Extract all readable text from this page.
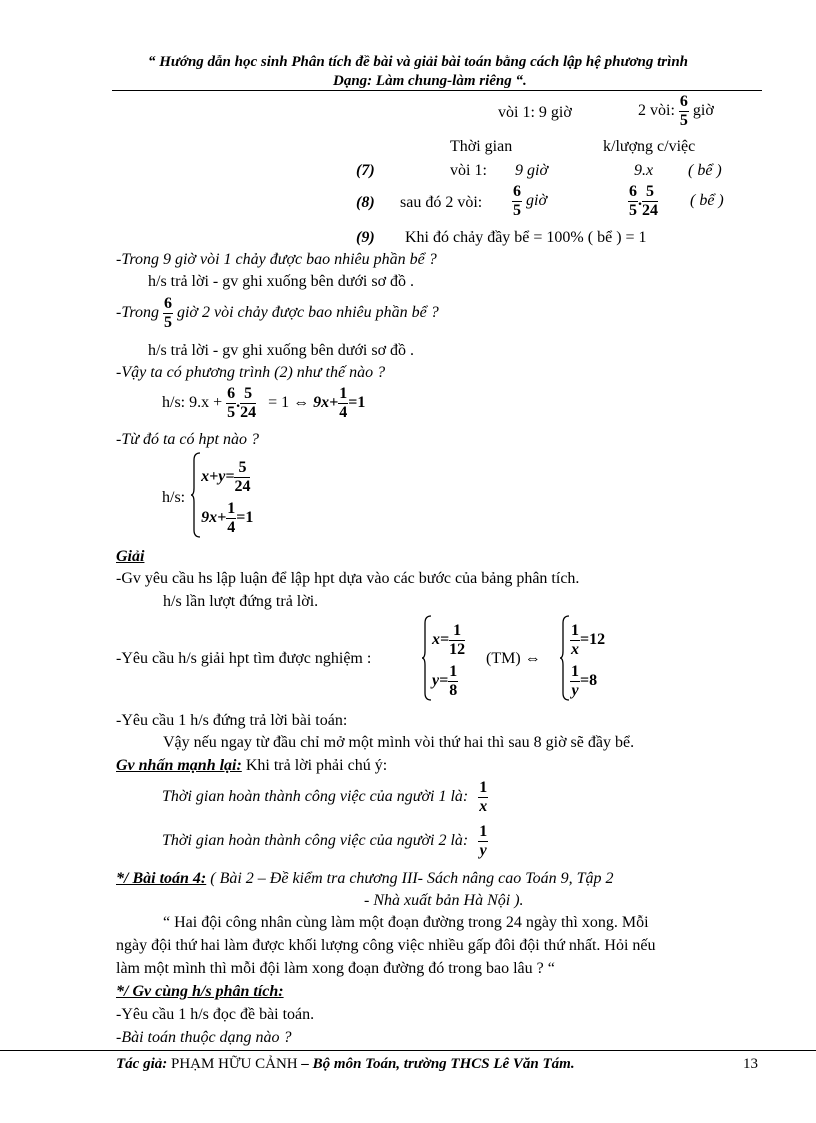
“ Hướng dẫn học sinh Phân tích đề bài và giải bài toán bằng cách lập hệ phương trình
Dạng: Làm chung-làm riêng “.
vòi 1: 9 giờ	2 vòi: $\frac{6}{5}$ giờ
Thời gian	k/lượng c/việc
(7)	vòi 1: 9 giờ	9.x ( bể )
(8) sau đó 2 vòi: $\frac{6}{5}$ giờ	$\frac{6}{5}$ . $\frac{5}{24}$ ( bể )
(9) Khi đó chảy đầy bể = 100% ( bể ) = 1
-Trong 9 giờ vòi 1 chảy được bao nhiêu phần bể ?
h/s trả lời - gv ghi xuống bên dưới sơ đồ .
-Trong $\frac{6}{5}$ giờ 2 vòi chảy được bao nhiêu phần bể ?
h/s trả lời - gv ghi xuống bên dưới sơ đồ .
-Vậy ta có phương trình (2) như thế nào ?
h/s: $9.x + \frac{6}{5}$ . $\frac{5}{24} = 1$ ⇔ $9x+ \frac{1}{4} =1$
-Từ đó ta có hpt nào ?
h/s:
$x+y= \frac{5}{24}$
$9x+ \frac{1}{4} =1$
Giải
-Gv yêu cầu hs lập luận để lập hpt dựa vào các bước của bảng phân tích.
h/s lần lượt đứng trả lời.
-Yêu cầu h/s giải hpt tìm được nghiệm :
$x= \frac{1}{12}$
$y= \frac{1}{8}$
(TM) ⇔
$\frac{1}{x} =12$
$\frac{1}{y} =8$
-Yêu cầu 1 h/s đứng trả lời bài toán:
Vậy nếu ngay từ đầu chỉ mở một mình vòi thứ hai thì sau 8 giờ sẽ đầy bể.
Gv nhấn mạnh lại: Khi trả lời phải chú ý:
Thời gian hoàn thành công việc của người 1 là: $\frac{1}{x}$
Thời gian hoàn thành công việc của người 2 là: $\frac{1}{y}$
*/ Bài toán 4: ( Bài 2 – Đề kiểm tra chương III- Sách nâng cao Toán 9, Tập 2
- Nhà xuất bản Hà Nội ).
“ Hai đội công nhân cùng làm một đoạn đường trong 24 ngày thì xong. Mỗi
ngày đội thứ hai làm được khối lượng công việc nhiều gấp đôi đội thứ nhất. Hỏi nếu
làm một mình thì mỗi đội làm xong đoạn đường đó trong bao lâu ? “
*/ Gv cùng h/s phân tích:
-Yêu cầu 1 h/s đọc đề bài toán.
-Bài toán thuộc dạng nào ?
Tác giả: PHẠM HỮU CẢNH – Bộ môn Toán, trường THCS Lê Văn Tám.	13
